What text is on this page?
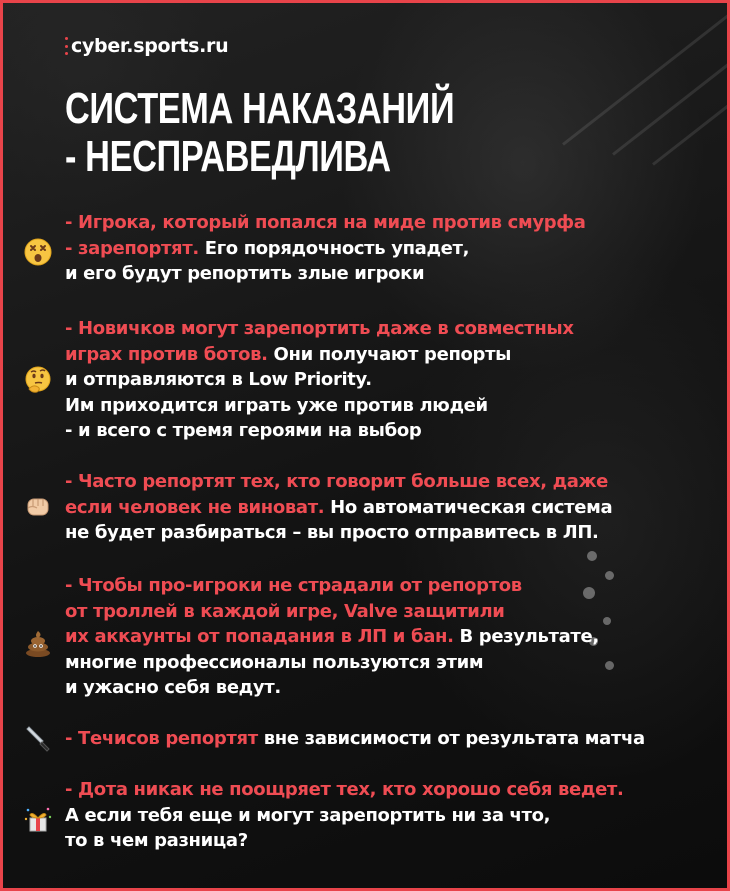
cyber.sports.ru
СИСТЕМА НАКАЗАНИЙ
- НЕСПРАВЕДЛИВА
- Игрока, который попался на миде против смурфа
- зарепортят. Его порядочность упадет,
и его будут репортить злые игроки
- Новичков могут зарепортить даже в совместных
играх против ботов. Они получают репорты
и отправляются в Low Priority.
Им приходится играть уже против людей
- и всего с тремя героями на выбор
- Часто репортят тех, кто говорит больше всех, даже
если человек не виноват. Но автоматическая система
не будет разбираться – вы просто отправитесь в ЛП.
- Чтобы про-игроки не страдали от репортов
от троллей в каждой игре, Valve защитили
их аккаунты от попадания в ЛП и бан. В результате,
многие профессионалы пользуются этим
и ужасно себя ведут.
- Течисов репортят вне зависимости от результата матча
- Дота никак не поощряет тех, кто хорошо себя ведет.
А если тебя еще и могут зарепортить ни за что,
то в чем разница?
